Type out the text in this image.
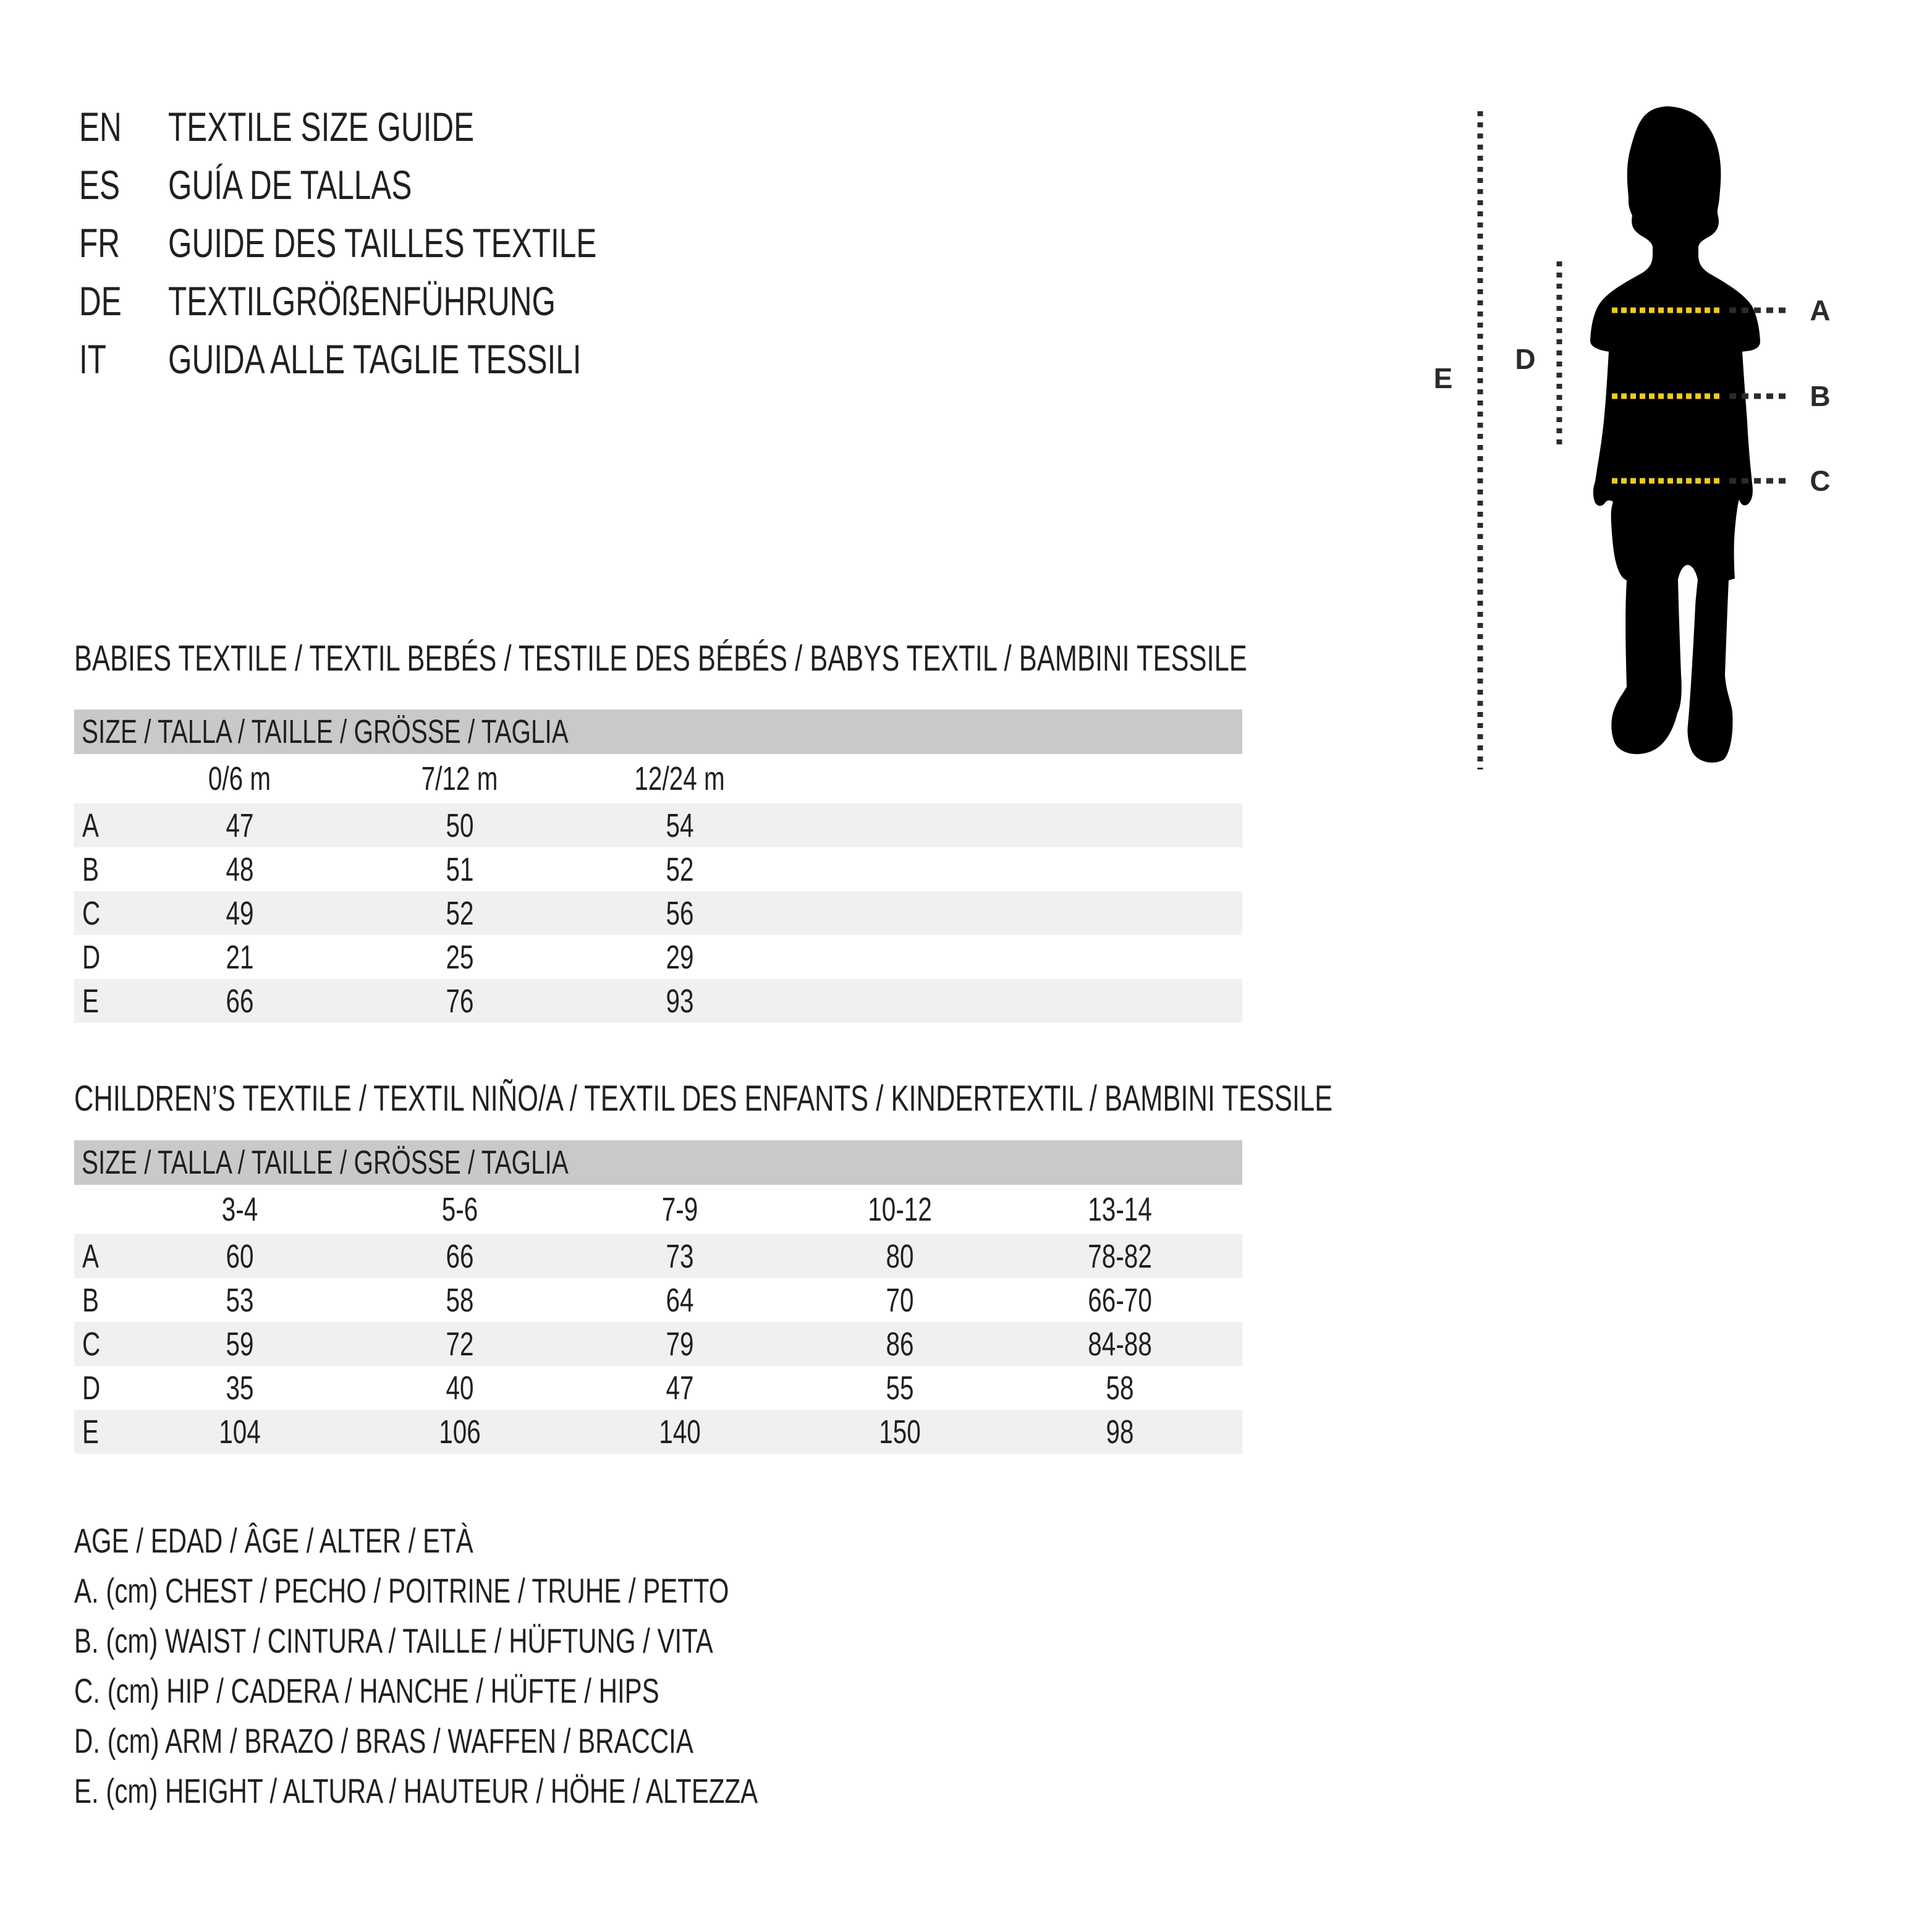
EN	TEXTILE SIZE GUIDE
ES	GUÍA DE TALLAS
FR	GUIDE DES TAILLES TEXTILE
DE	TEXTILGRÖßENFÜHRUNG
IT	GUIDA ALLE TAGLIE TESSILI	E
D
A
B
C
BABIES TEXTILE / TEXTIL BEBÉS / TESTILE DES BÉBÉS / BABYS TEXTIL / BAMBINI TESSILE
SIZE / TALLA / TAILLE / GRÖSSE / TAGLIA
0/6 m	7/12 m	12/24 m
A	47	50	54
B	48	51	52
C	49	52	56
D	21	25	29
E	66	76	93
CHILDREN’S TEXTILE / TEXTIL NIÑO/A / TEXTIL DES ENFANTS / KINDERTEXTIL / BAMBINI TESSILE
SIZE / TALLA / TAILLE / GRÖSSE / TAGLIA
3-4	5-6	7-9	10-12	13-14
A	60	66	73	80	78-82
B	53	58	64	70	66-70
C	59	72	79	86	84-88
D	35	40	47	55	58
E	104	106	140	150	98
AGE / EDAD / ÂGE / ALTER / ETÀ
A. (cm) CHEST / PECHO / POITRINE / TRUHE / PETTO
B. (cm) WAIST / CINTURA / TAILLE / HÜFTUNG / VITA
C. (cm) HIP / CADERA / HANCHE / HÜFTE / HIPS
D. (cm) ARM / BRAZO / BRAS / WAFFEN / BRACCIA
E. (cm) HEIGHT / ALTURA / HAUTEUR / HÖHE / ALTEZZA
